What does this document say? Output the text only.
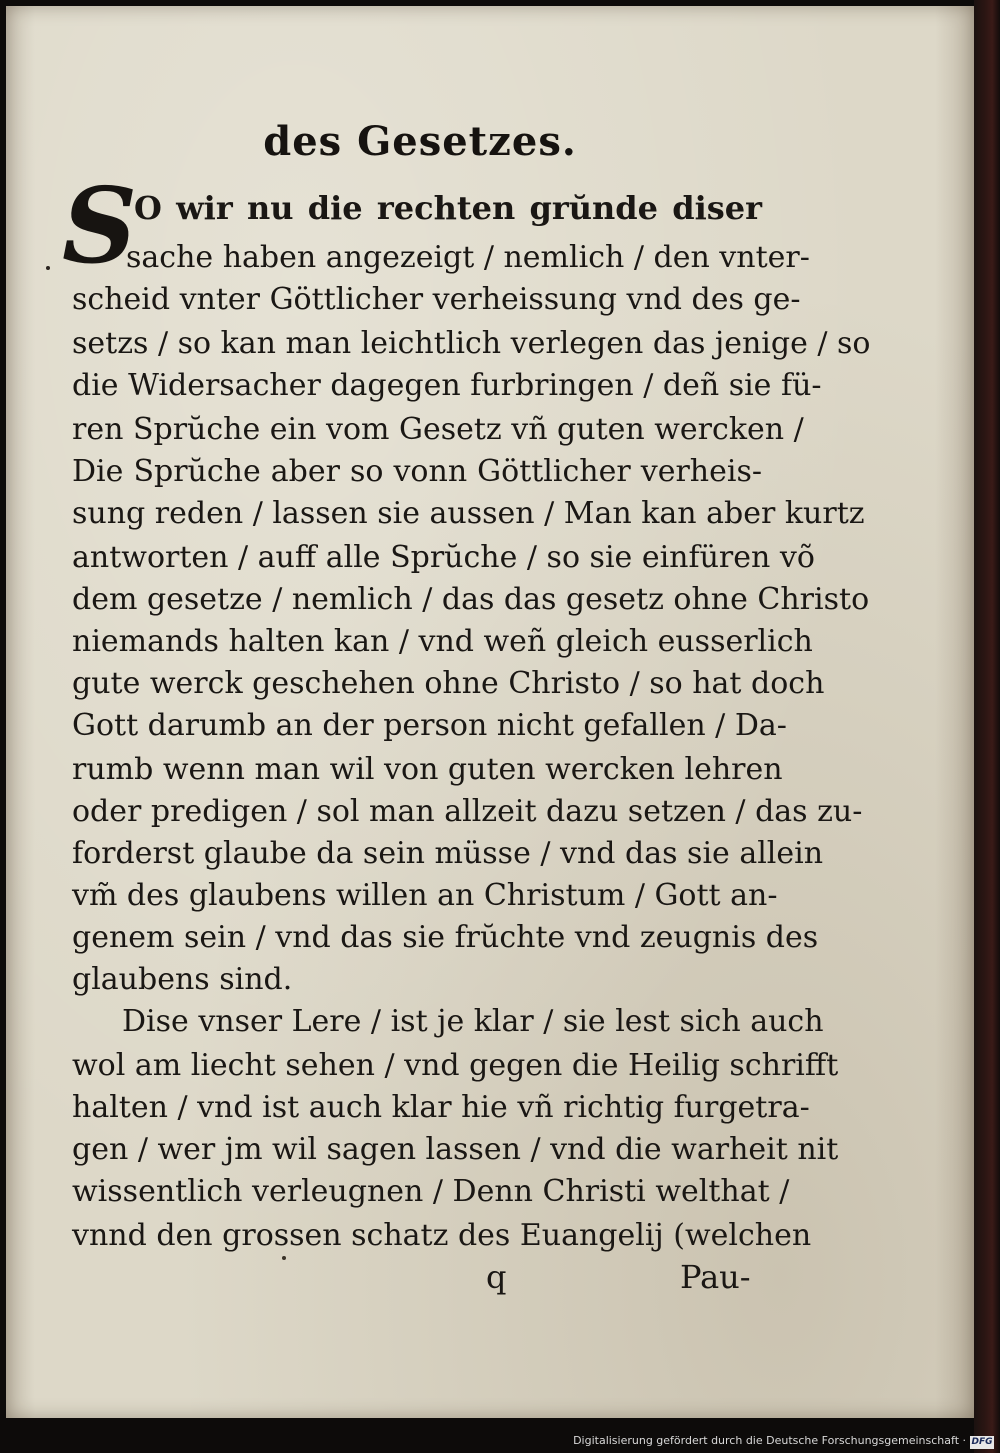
des Gesetzes.
S
O wir nu die rechten grŭnde diser
sache haben angezeigt / nemlich / den vnter-
scheid vnter Göttlicher verheissung vnd des ge-
setzs / so kan man leichtlich verlegen das jenige / so
die Widersacher dagegen furbringen / deñ sie fü-
ren Sprŭche ein vom Gesetz vñ guten wercken /
Die Sprŭche aber so vonn Göttlicher verheis-
sung reden / lassen sie aussen / Man kan aber kurtz
antworten / auff alle Sprŭche / so sie einfüren võ
dem gesetze / nemlich / das das gesetz ohne Christo
niemands halten kan / vnd weñ gleich eusserlich
gute werck geschehen ohne Christo / so hat doch
Gott darumb an der person nicht gefallen / Da-
rumb wenn man wil von guten wercken lehren
oder predigen / sol man allzeit dazu setzen / das zu-
forderst glaube da sein müsse / vnd das sie allein
vm̃ des glaubens willen an Christum / Gott an-
genem sein / vnd das sie frŭchte vnd zeugnis des
glaubens sind.
Dise vnser Lere / ist je klar / sie lest sich auch
wol am liecht sehen / vnd gegen die Heilig schrifft
halten / vnd ist auch klar hie vñ richtig furgetra-
gen / wer jm wil sagen lassen / vnd die warheit nit
wissentlich verleugnen / Denn Christi welthat /
vnnd den grossen schatz des Euangelij (welchen
q	Pau-
Digitalisierung gefördert durch die Deutsche Forschungsgemeinschaft · DFG
